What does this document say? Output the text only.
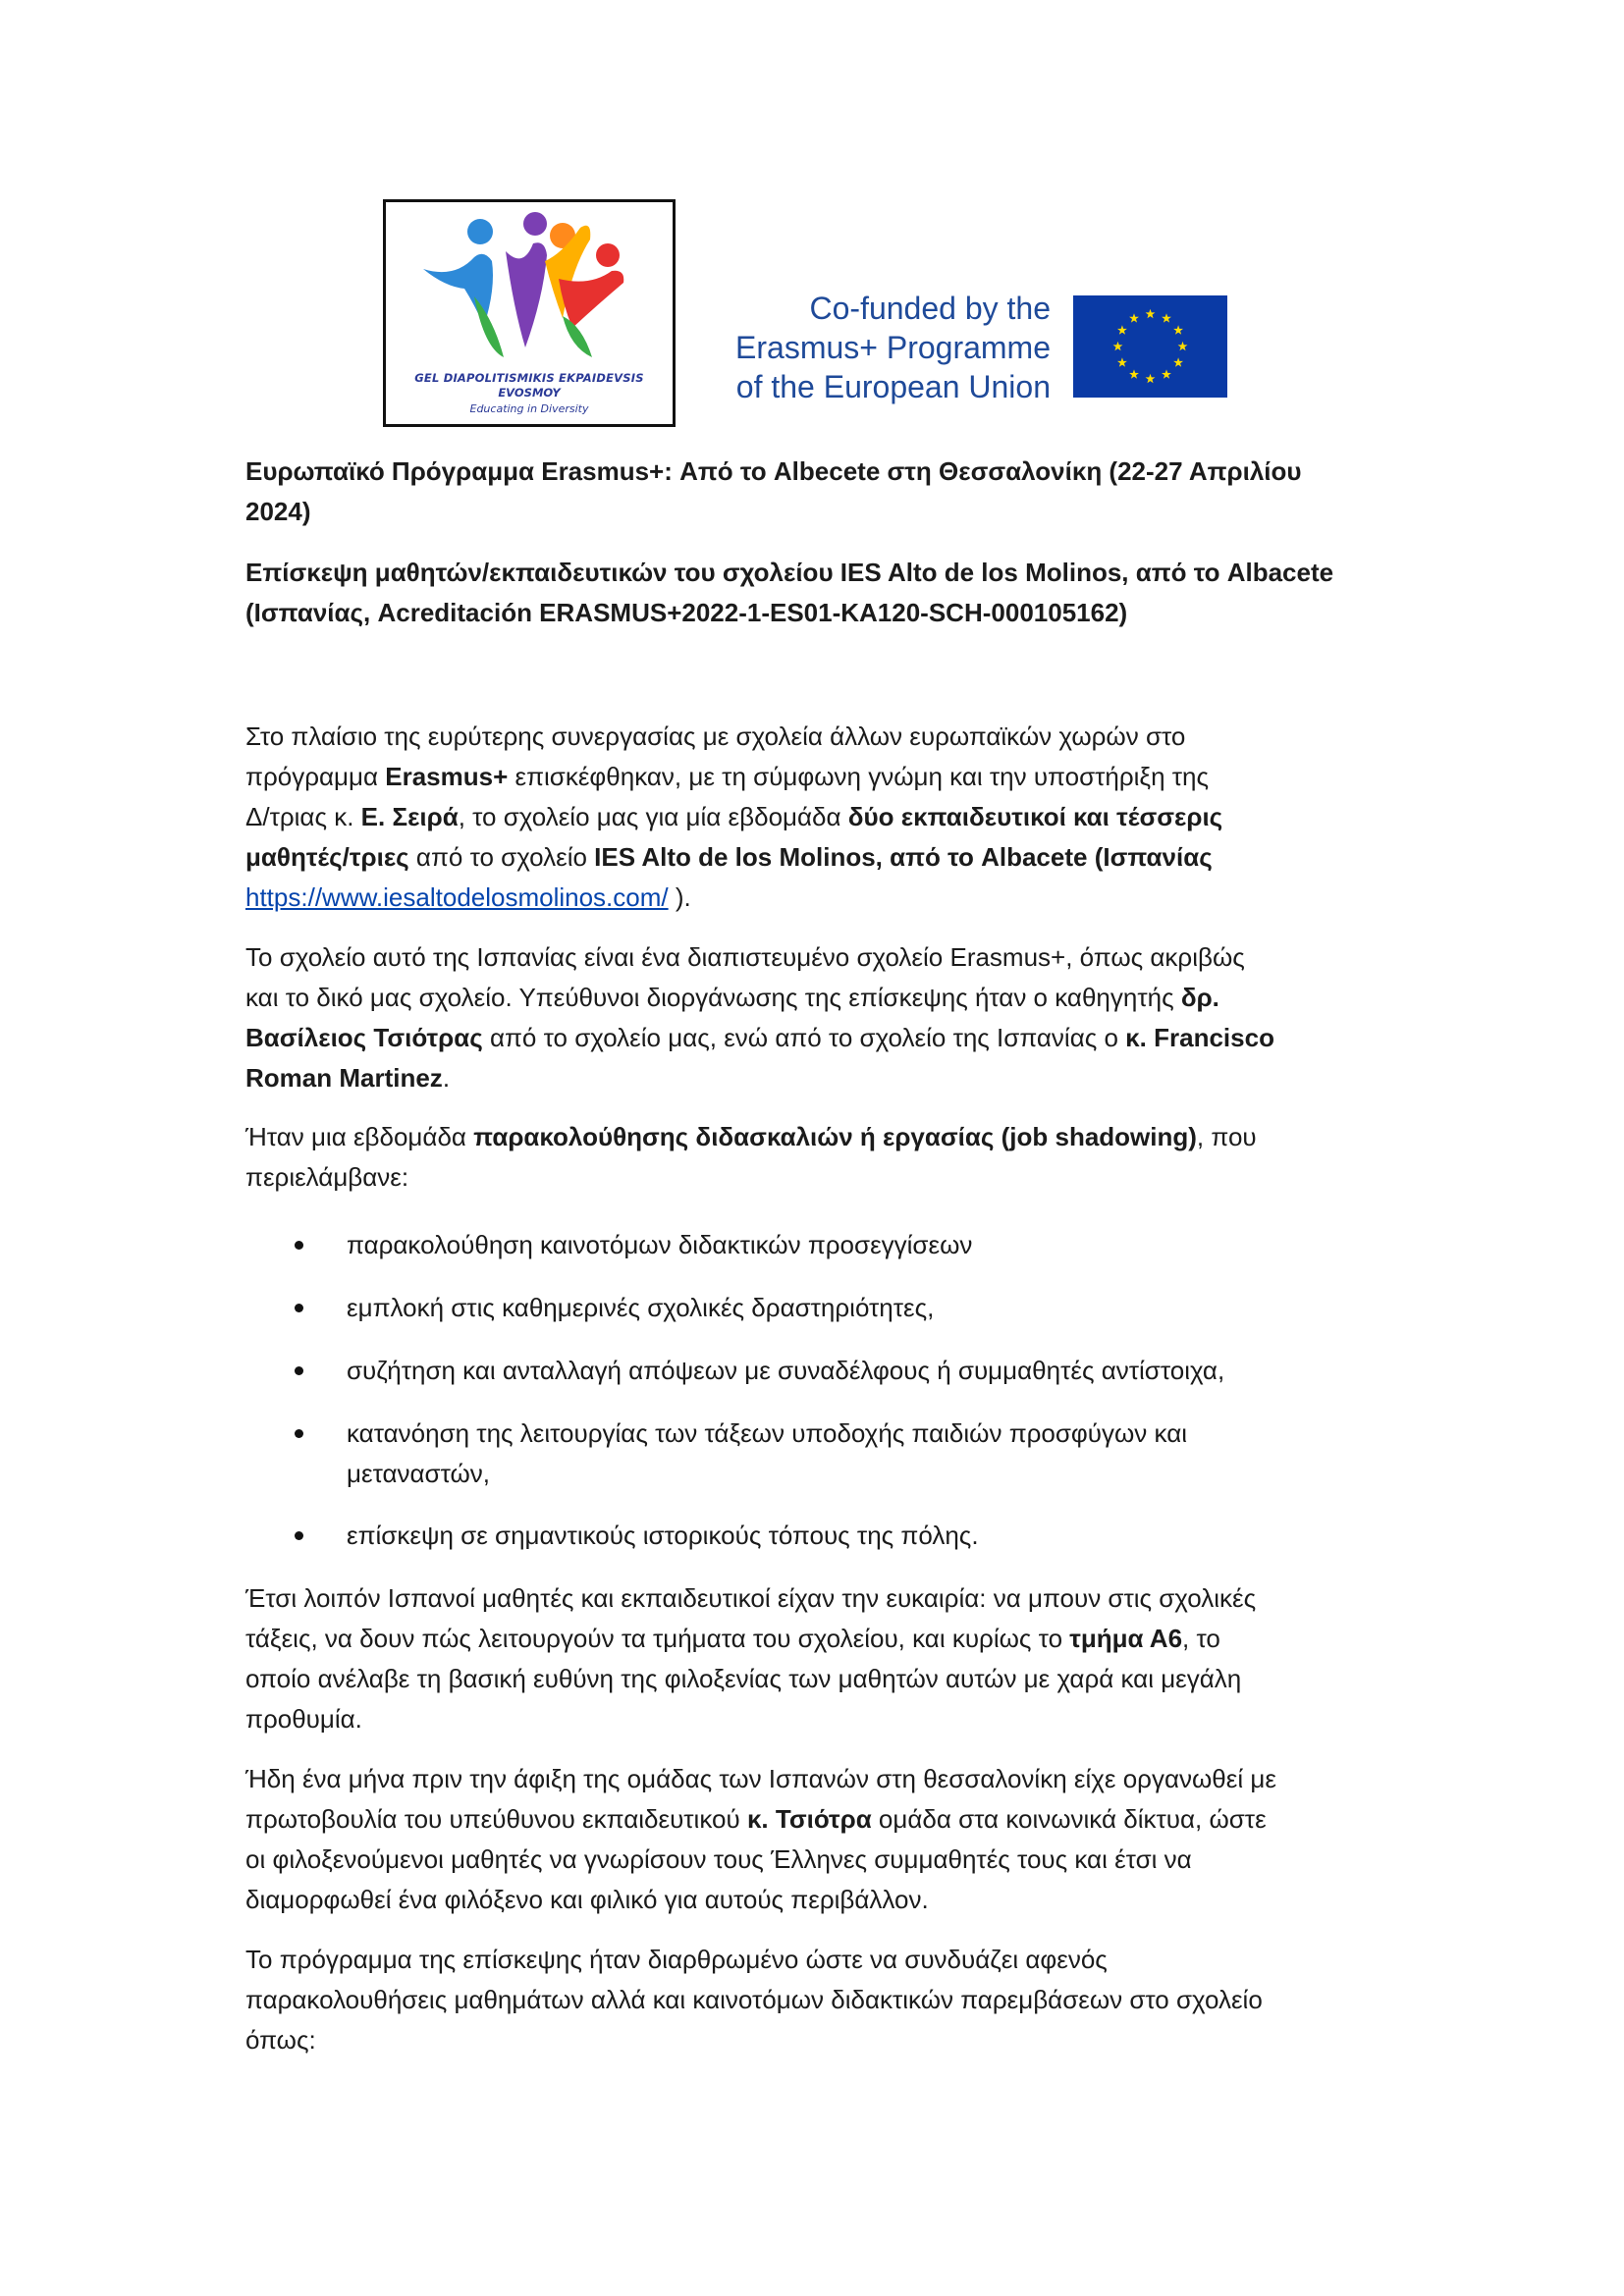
GEL DIAPOLITISMIKIS EKPAIDEVSIS
EVOSMOY
Educating in Diversity
Co-funded by the
Erasmus+ Programme
of the European Union

Ευρωπαϊκό Πρόγραμμα Erasmus+: Από το Albecete στη Θεσσαλονίκη (22-27 Απριλίου

2024)

Επίσκεψη μαθητών/εκπαιδευτικών του σχολείου IES Alto de los Molinos, από το Albacete

(Ισπανίας, Acreditación ERASMUS+2022-1-ES01-KA120-SCH-000105162)

Στο πλαίσιο της ευρύτερης συνεργασίας με σχολεία άλλων ευρωπαϊκών χωρών στο

πρόγραμμα Erasmus+ επισκέφθηκαν, με τη σύμφωνη γνώμη και την υποστήριξη της

Δ/τριας κ. Ε. Σειρά, το σχολείο μας για μία εβδομάδα δύο εκπαιδευτικοί και τέσσερις

μαθητές/τριες από το σχολείο IES Alto de los Molinos, από το Albacete (Ισπανίας

https://www.iesaltodelosmolinos.com/ ).

Το σχολείο αυτό της Ισπανίας είναι ένα διαπιστευμένο σχολείο Erasmus+, όπως ακριβώς

και το δικό μας σχολείο. Υπεύθυνοι διοργάνωσης της επίσκεψης ήταν ο καθηγητής δρ.

Βασίλειος Τσιότρας από το σχολείο μας, ενώ από το σχολείο της Ισπανίας ο κ. Francisco

Roman Martinez.

Ήταν μια εβδομάδα παρακολούθησης διδασκαλιών ή εργασίας (job shadowing), που

περιελάμβανε:

παρακολούθηση καινοτόμων διδακτικών προσεγγίσεων
εμπλοκή στις καθημερινές σχολικές δραστηριότητες,
συζήτηση και ανταλλαγή απόψεων με συναδέλφους ή συμμαθητές αντίστοιχα,
κατανόηση της λειτουργίας των τάξεων υποδοχής παιδιών προσφύγων και
μεταναστών,
επίσκεψη σε σημαντικούς ιστορικούς τόπους της πόλης.

Έτσι λοιπόν Ισπανοί μαθητές και εκπαιδευτικοί είχαν την ευκαιρία: να μπουν στις σχολικές

τάξεις, να δουν πώς λειτουργούν τα τμήματα του σχολείου, και κυρίως το τμήμα Α6, το

οποίο ανέλαβε τη βασική ευθύνη της φιλοξενίας των μαθητών αυτών με χαρά και μεγάλη

προθυμία.

Ήδη ένα μήνα πριν την άφιξη της ομάδας των Ισπανών στη θεσσαλονίκη είχε οργανωθεί με

πρωτοβουλία του υπεύθυνου εκπαιδευτικού κ. Τσιότρα ομάδα στα κοινωνικά δίκτυα, ώστε

οι φιλοξενούμενοι μαθητές να γνωρίσουν τους Έλληνες συμμαθητές τους και έτσι να

διαμορφωθεί ένα φιλόξενο και φιλικό για αυτούς περιβάλλον.

Το πρόγραμμα της επίσκεψης ήταν διαρθρωμένο ώστε να συνδυάζει αφενός

παρακολουθήσεις μαθημάτων αλλά και καινοτόμων διδακτικών παρεμβάσεων στο σχολείο

όπως:
